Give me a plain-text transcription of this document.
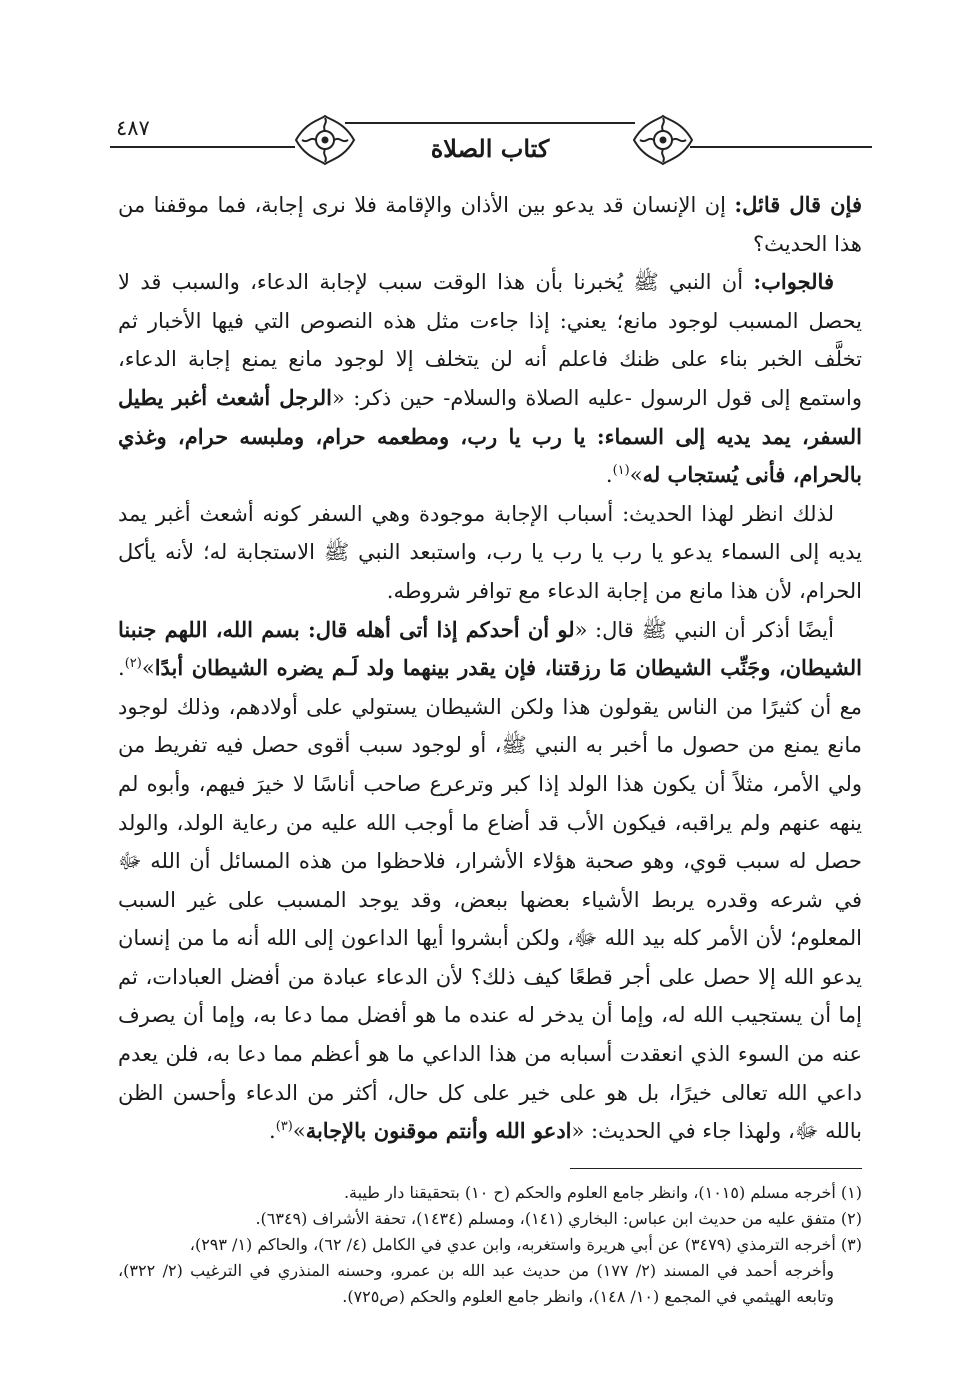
٤٨٧
كتاب الصلاة

فإن قال قائل: إن الإنسان قد يدعو بين الأذان والإقامة فلا نرى إجابة، فما موقفنا من هذا الحديث؟

فالجواب: أن النبي ﷺ يُخبرنا بأن هذا الوقت سبب لإجابة الدعاء، والسبب قد لا يحصل المسبب لوجود مانع؛ يعني: إذا جاءت مثل هذه النصوص التي فيها الأخبار ثم تخلَّف الخبر بناء على ظنك فاعلم أنه لن يتخلف إلا لوجود مانع يمنع إجابة الدعاء، واستمع إلى قول الرسول -عليه الصلاة والسلام- حين ذكر: «الرجل أشعث أغبر يطيل السفر، يمد يديه إلى السماء: يا رب يا رب، ومطعمه حرام، وملبسه حرام، وغذي بالحرام، فأنى يُستجاب له»$^{(١)}$.

لذلك انظر لهذا الحديث: أسباب الإجابة موجودة وهي السفر كونه أشعث أغبر يمد يديه إلى السماء يدعو يا رب يا رب يا رب، واستبعد النبي ﷺ الاستجابة له؛ لأنه يأكل الحرام، لأن هذا مانع من إجابة الدعاء مع توافر شروطه.

أيضًا أذكر أن النبي ﷺ قال: «لو أن أحدكم إذا أتى أهله قال: بسم الله، اللهم جنبنا الشيطان، وجَنِّب الشيطان مَا رزقتنا، فإن يقدر بينهما ولد لَـم يضره الشيطان أبدًا»$^{(٢)}$. مع أن كثيرًا من الناس يقولون هذا ولكن الشيطان يستولي على أولادهم، وذلك لوجود مانع يمنع من حصول ما أخبر به النبي ﷺ، أو لوجود سبب أقوى حصل فيه تفريط من ولي الأمر، مثلاً أن يكون هذا الولد إذا كبر وترعرع صاحب أناسًا لا خيرَ فيهم، وأبوه لم ينهه عنهم ولم يراقبه، فيكون الأب قد أضاع ما أوجب الله عليه من رعاية الولد، والولد حصل له سبب قوي، وهو صحبة هؤلاء الأشرار، فلاحظوا من هذه المسائل أن الله ﷻ في شرعه وقدره يربط الأشياء بعضها ببعض، وقد يوجد المسبب على غير السبب المعلوم؛ لأن الأمر كله بيد الله ﷻ، ولكن أبشروا أيها الداعون إلى الله أنه ما من إنسان يدعو الله إلا حصل على أجر قطعًا كيف ذلك؟ لأن الدعاء عبادة من أفضل العبادات، ثم إما أن يستجيب الله له، وإما أن يدخر له عنده ما هو أفضل مما دعا به، وإما أن يصرف عنه من السوء الذي انعقدت أسبابه من هذا الداعي ما هو أعظم مما دعا به، فلن يعدم داعي الله تعالى خيرًا، بل هو على خير على كل حال، أكثر من الدعاء وأحسن الظن بالله ﷻ، ولهذا جاء في الحديث: «ادعو الله وأنتم موقنون بالإجابة»$^{(٣)}$.

(١) أخرجه مسلم (١٠١٥)، وانظر جامع العلوم والحكم (ح ١٠) بتحقيقنا دار طيبة.

(٢) متفق عليه من حديث ابن عباس: البخاري (١٤١)، ومسلم (١٤٣٤)، تحفة الأشراف (٦٣٤٩).

(٣) أخرجه الترمذي (٣٤٧٩) عن أبي هريرة واستغربه، وابن عدي في الكامل (٤/ ٦٢)، والحاكم (١/ ٢٩٣)،

وأخرجه أحمد في المسند (٢/ ١٧٧) من حديث عبد الله بن عمرو، وحسنه المنذري في الترغيب (٢/ ٣٢٢)، وتابعه الهيثمي في المجمع (١٠/ ١٤٨)، وانظر جامع العلوم والحكم (ص٧٢٥).
